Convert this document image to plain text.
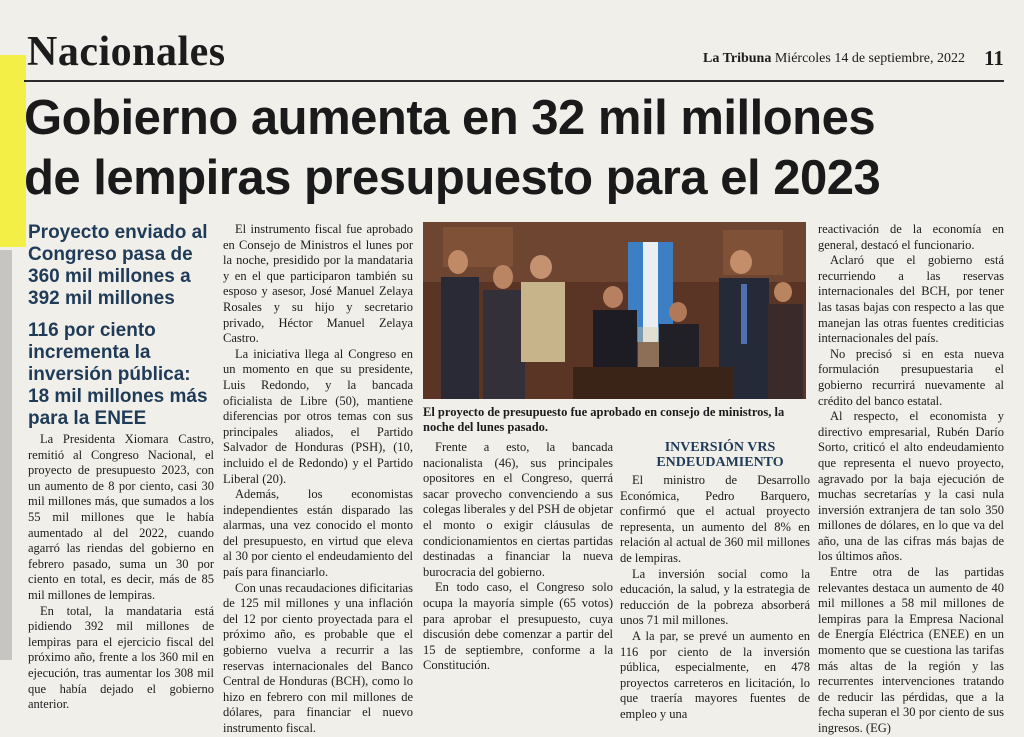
Nacionales	La Tribuna Miércoles 14 de septiembre, 2022 11
Gobierno aumenta en 32 mil millones
de lempiras presupuesto para el 2023
Proyecto enviado al
Congreso pasa de
360 mil millones a
392 mil millones
116 por ciento
incrementa la
inversión pública:
18 mil millones más
para la ENEE

La Presidenta Xiomara Castro, remitió al Congreso Nacional, el proyecto de presupuesto 2023, con un aumento de 8 por ciento, casi 30 mil millones más, que sumados a los 55 mil millones que le había aumentado al del 2022, cuando agarró las riendas del gobierno en febrero pasado, suma un 30 por ciento en total, es decir, más de 85 mil millones de lempiras.

En total, la mandataria está pidiendo 392 mil millones de lempiras para el ejercicio fiscal del próximo año, frente a los 360 mil en ejecución, tras aumentar los 308 mil que había dejado el gobierno anterior.

El instrumento fiscal fue aprobado en Consejo de Ministros el lunes por la noche, presidido por la mandataria y en el que participaron también su esposo y asesor, José Manuel Zelaya Rosales y su hijo y secretario privado, Héctor Manuel Zelaya Castro.

La iniciativa llega al Congreso en un momento en que su presidente, Luis Redondo, y la bancada oficialista de Libre (50), mantiene diferencias por otros temas con sus principales aliados, el Partido Salvador de Honduras (PSH), (10, incluido el de Redondo) y el Partido Liberal (20).

Además, los economistas independientes están disparado las alarmas, una vez conocido el monto del presupuesto, en virtud que eleva al 30 por ciento el endeudamiento del país para financiarlo.

Con unas recaudaciones dificitarias de 125 mil millones y una inflación del 12 por ciento proyectada para el próximo año, es probable que el gobierno vuelva a recurrir a las reservas internacionales del Banco Central de Honduras (BCH), como lo hizo en febrero con mil millones de dólares, para financiar el nuevo instrumento fiscal.

El proyecto de presupuesto fue aprobado en consejo de ministros, la noche del lunes pasado.

Frente a esto, la bancada nacionalista (46), sus principales opositores en el Congreso, querrá sacar provecho convenciendo a sus colegas liberales y del PSH de objetar el monto o exigir cláusulas de condicionamientos en ciertas partidas destinadas a financiar la nueva burocracia del gobierno.

En todo caso, el Congreso solo ocupa la mayoría simple (65 votos) para aprobar el presupuesto, cuya discusión debe comenzar a partir del 15 de septiembre, conforme a la Constitución.

INVERSIÓN VRS
ENDEUDAMIENTO

El ministro de Desarrollo Económica, Pedro Barquero, confirmó que el actual proyecto representa, un aumento del 8% en relación al actual de 360 mil millones de lempiras.

La inversión social como la educación, la salud, y la estrategia de reducción de la pobreza absorberá unos 71 mil millones.

A la par, se prevé un aumento en 116 por ciento de la inversión pública, especialmente, en 478 proyectos carreteros en licitación, lo que traería mayores fuentes de empleo y una

reactivación de la economía en general, destacó el funcionario.

Aclaró que el gobierno está recurriendo a las reservas internacionales del BCH, por tener las tasas bajas con respecto a las que manejan las otras fuentes crediticias internacionales del país.

No precisó si en esta nueva formulación presupuestaria el gobierno recurrirá nuevamente al crédito del banco estatal.

Al respecto, el economista y directivo empresarial, Rubén Darío Sorto, criticó el alto endeudamiento que representa el nuevo proyecto, agravado por la baja ejecución de muchas secretarías y la casi nula inversión extranjera de tan solo 350 millones de dólares, en lo que va del año, una de las cifras más bajas de los últimos años.

Entre otra de las partidas relevantes destaca un aumento de 40 mil millones a 58 mil millones de lempiras para la Empresa Nacional de Energía Eléctrica (ENEE) en un momento que se cuestiona las tarifas más altas de la región y las recurrentes intervenciones tratando de reducir las pérdidas, que a la fecha superan el 30 por ciento de sus ingresos. (EG)
